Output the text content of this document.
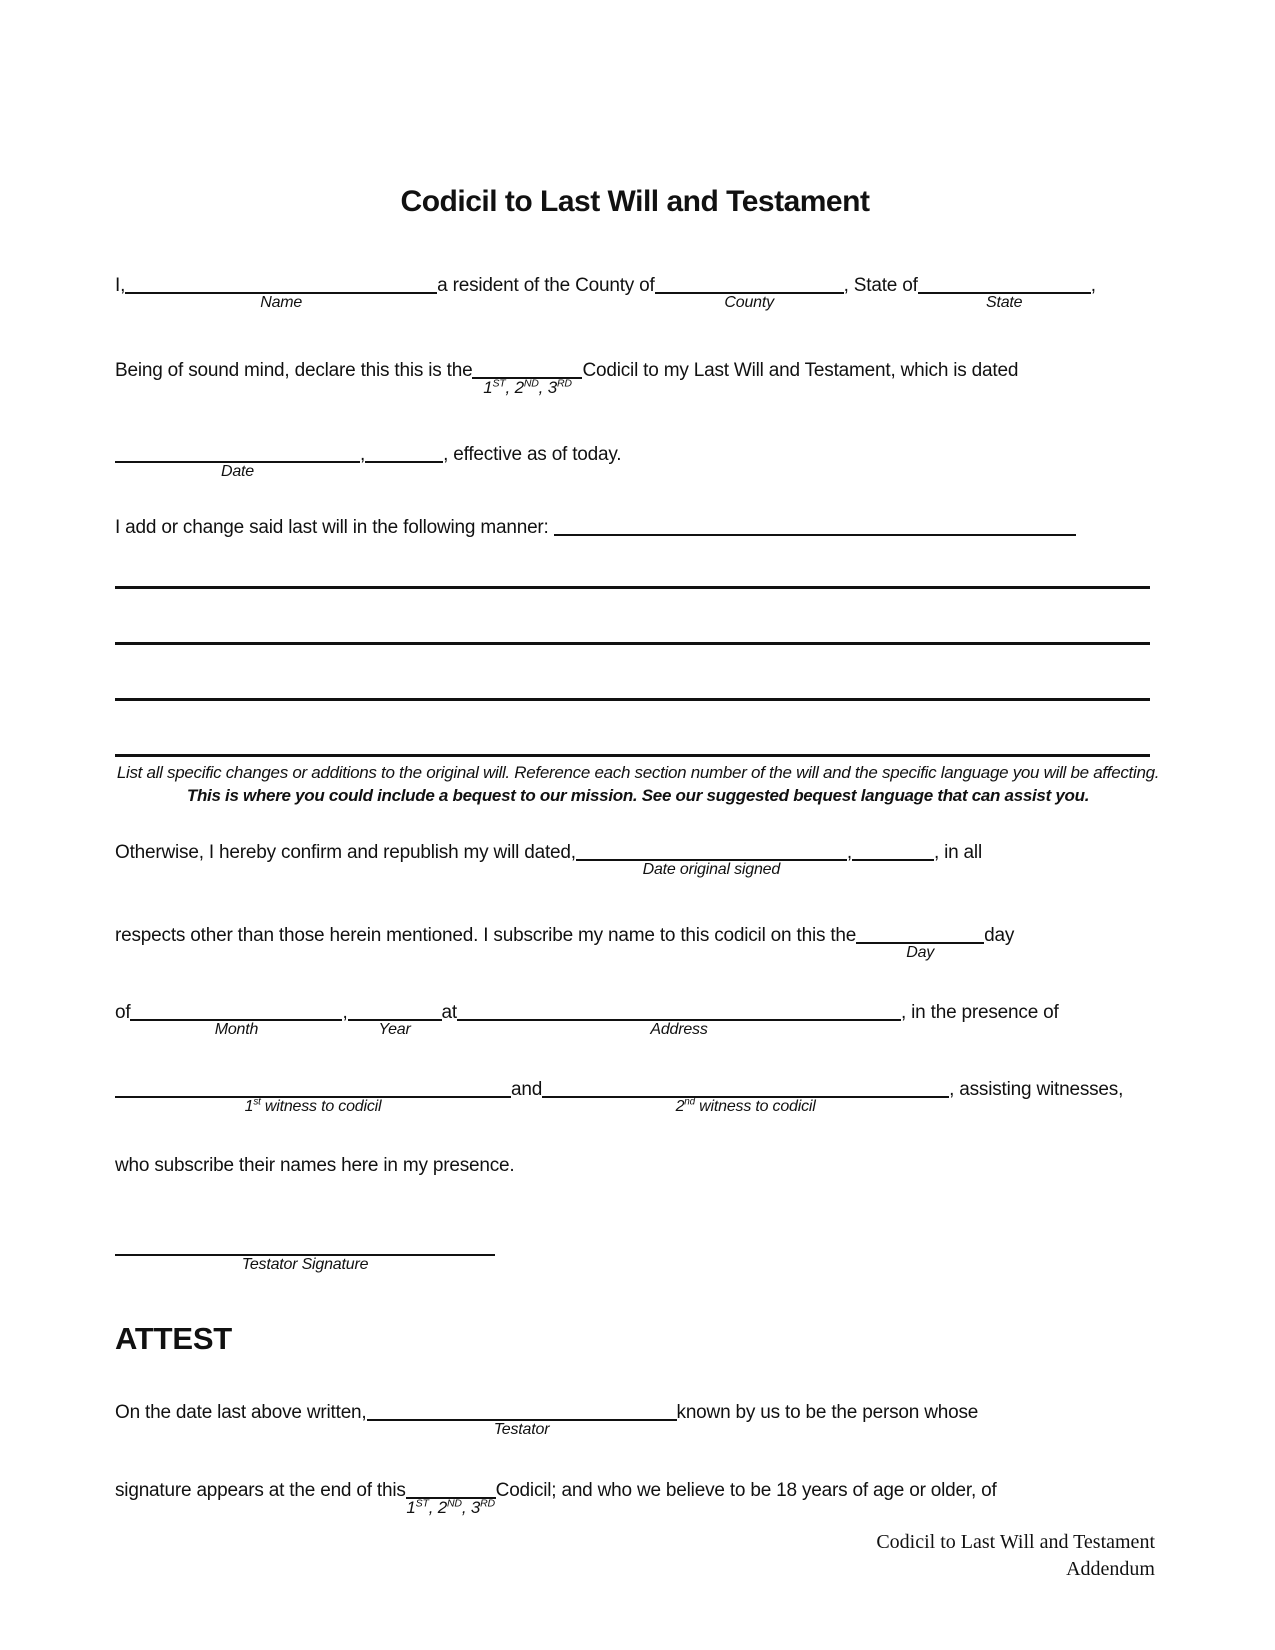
Codicil to Last Will and Testament
I,
Name
a resident of the County of
County
, State of
State
,
Being of sound mind, declare this this is the
1ST, 2ND, 3RD
Codicil to my Last Will and Testament, which is dated
Date
,	, effective as of today.
I add or change said last will in the following manner:
List all specific changes or additions to the original will. Reference each section number of the will and the specific language you will be affecting. This is where you could include a bequest to our mission. See our suggested bequest language that can assist you.
Otherwise, I hereby confirm and republish my will dated,
Date original signed
,	, in all
respects other than those herein mentioned. I subscribe my name to this codicil on this the
Day
day
of
Month
,
Year
at
Address
, in the presence of
1st witness to codicil
and
2nd witness to codicil
, assisting witnesses,
who subscribe their names here in my presence.
Testator Signature
ATTEST
On the date last above written,
Testator
known by us to be the person whose
signature appears at the end of this
1ST, 2ND, 3RD
Codicil; and who we believe to be 18 years of age or older, of
Codicil to Last Will and Testament
Addendum
